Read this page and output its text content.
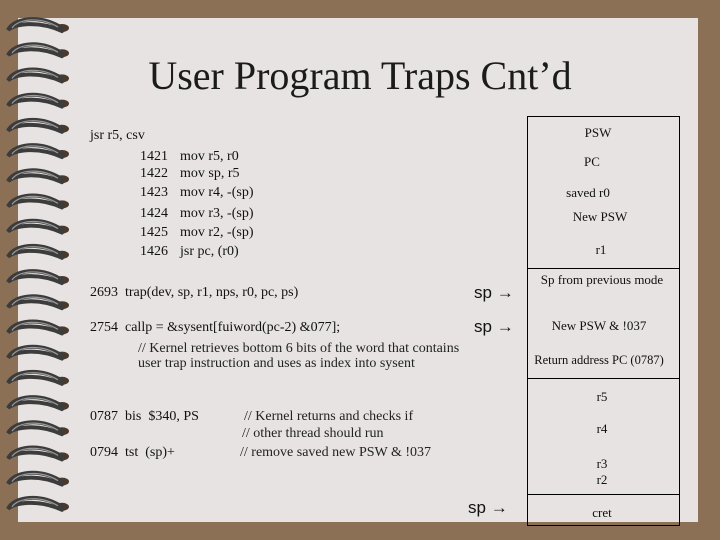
User Program Traps Cnt’d
jsr r5, csv
1421 mov r5, r0
1422 mov sp, r5
1423 mov r4, -(sp)
1424 mov r3, -(sp)
1425 mov r2, -(sp)
1426 jsr pc, (r0)
2693  trap(dev, sp, r1, nps, r0, pc, ps)
2754  callp = &sysent[fuiword(pc-2) &077];
// Kernel retrieves bottom 6 bits of the word that contains user trap instruction and uses as index into sysent
0787  bis  $340, PS
0794  tst  (sp)+
// Kernel returns and checks if
// other thread should run
// remove saved new PSW & !037
sp →
sp →
sp →
PSW
PC
saved r0
New PSW
r1
Sp from previous mode
New PSW & !037
Return address PC (0787)
r5
r4
r3
r2
cret
